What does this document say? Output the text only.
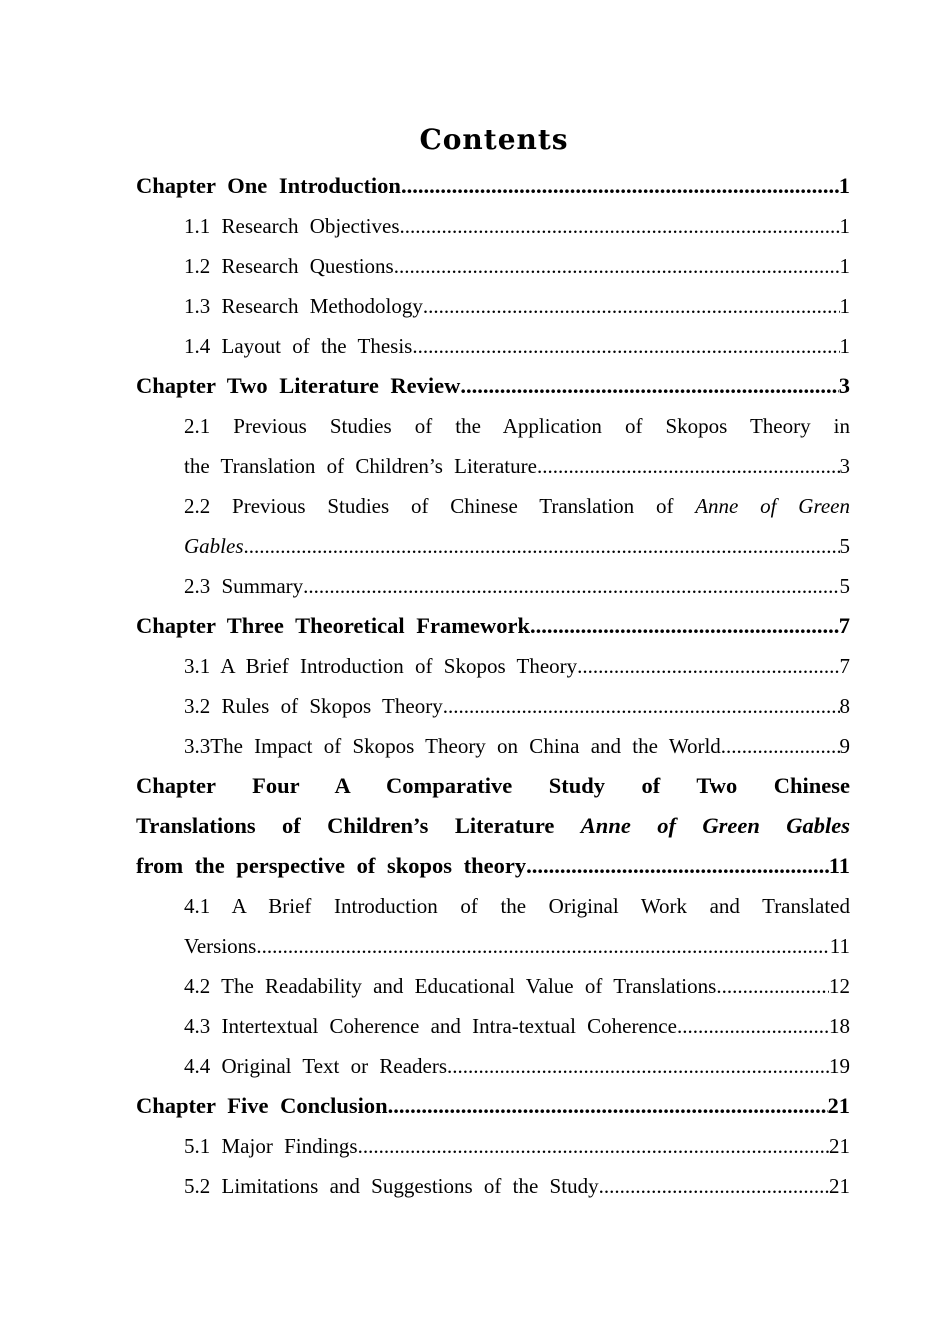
Contents
Chapter One Introduction .....	1
1.1 Research Objectives .....	1
1.2 Research Questions .....	1
1.3 Research Methodology .....	1
1.4 Layout of the Thesis .....	1
Chapter Two Literature Review .....	3
2.1 Previous Studies of the Application of Skopos Theory in
the Translation of Children’s Literature .....	3
2.2 Previous Studies of Chinese Translation of Anne of Green
Gables .....	5
2.3 Summary .....	5
Chapter Three Theoretical Framework .....	7
3.1 A Brief Introduction of Skopos Theory .....	7
3.2 Rules of Skopos Theory .....	8
3.3The Impact of Skopos Theory on China and the World .....	9
Chapter Four A Comparative Study of Two Chinese
Translations of Children’s Literature Anne of Green Gables
from the perspective of skopos theory .....	11
4.1 A Brief Introduction of the Original Work and Translated
Versions .....	11
4.2 The Readability and Educational Value of Translations .....	12
4.3 Intertextual Coherence and Intra-textual Coherence .....	18
4.4 Original Text or Readers .....	19
Chapter Five Conclusion .....	21
5.1 Major Findings .....	21
5.2 Limitations and Suggestions of the Study .....	21
